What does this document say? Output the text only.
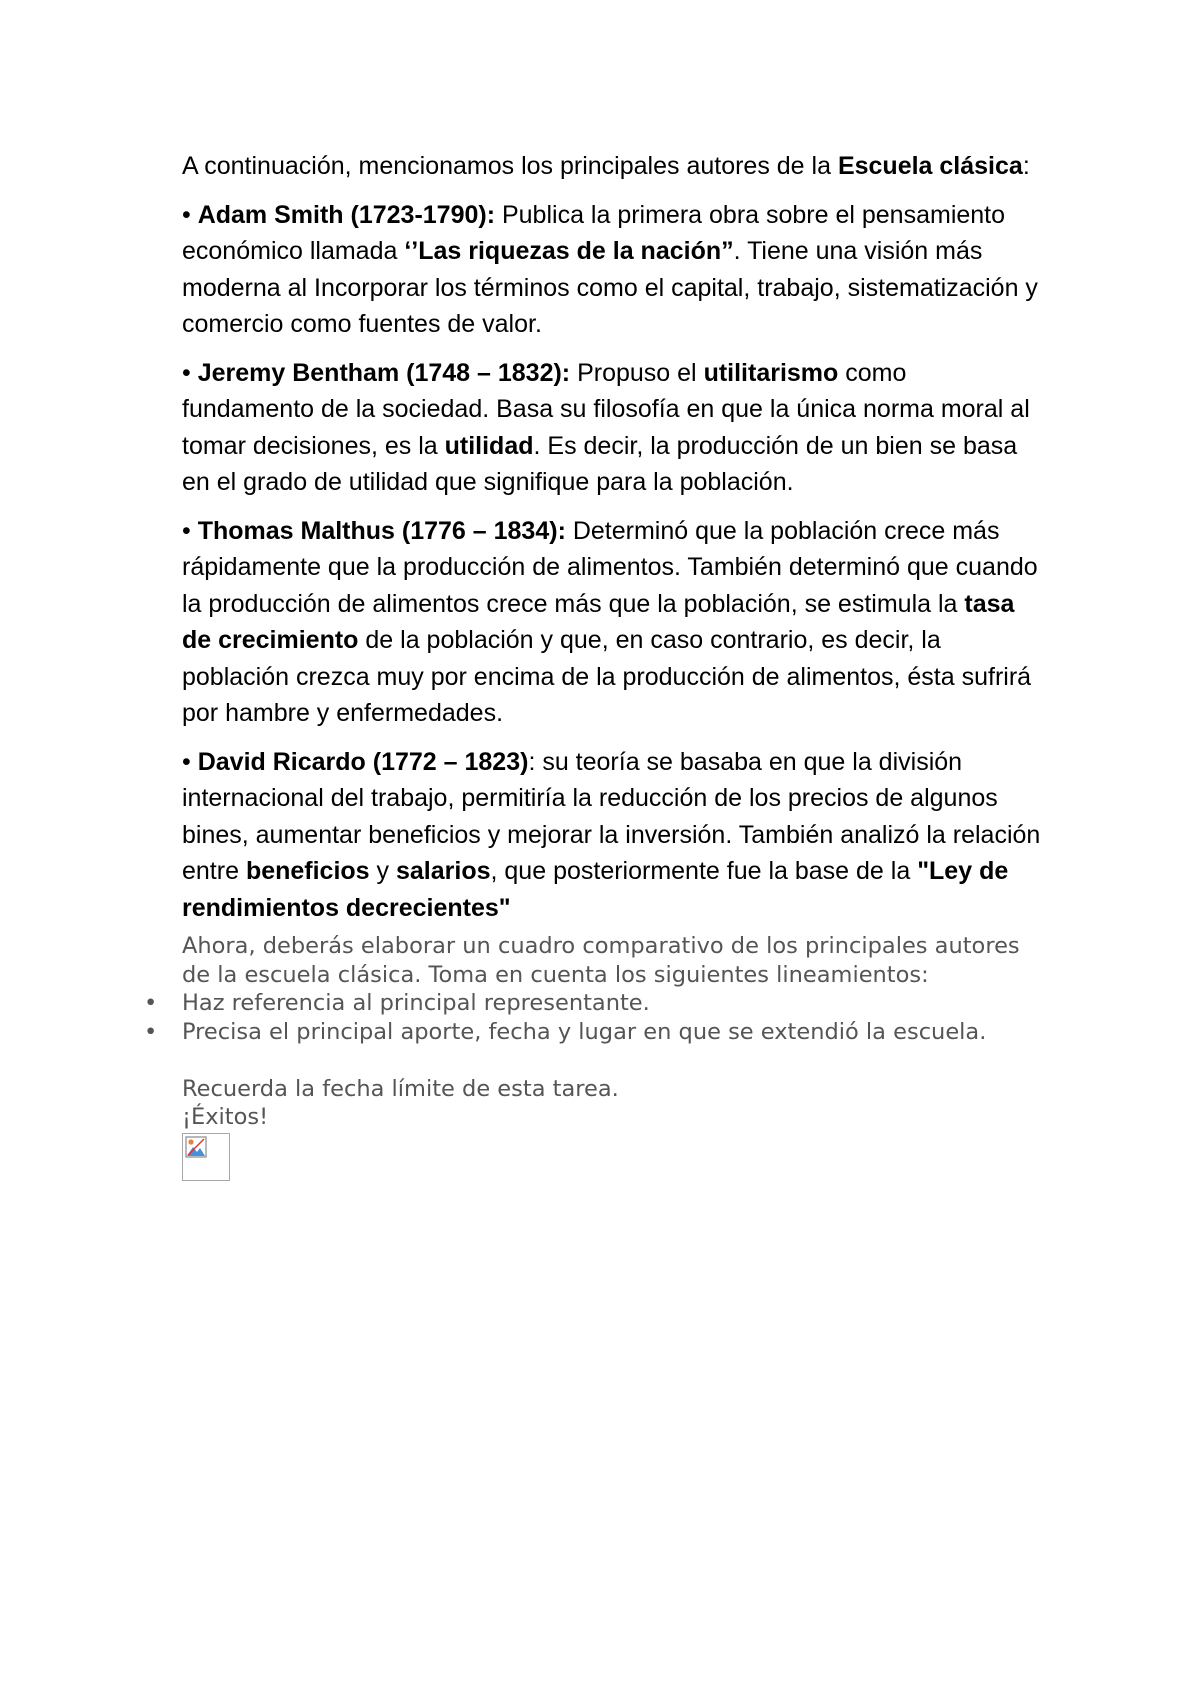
A continuación, mencionamos los principales autores de la Escuela clásica:

• Adam Smith (1723-1790): Publica la primera obra sobre el pensamiento económico llamada ‘’Las riquezas de la nación”. Tiene una visión más moderna al Incorporar los términos como el capital, trabajo, sistematización y comercio como fuentes de valor.

• Jeremy Bentham (1748 – 1832): Propuso el utilitarismo como fundamento de la sociedad. Basa su filosofía en que la única norma moral al tomar decisiones, es la utilidad. Es decir, la producción de un bien se basa en el grado de utilidad que signifique para la población.

• Thomas Malthus (1776 – 1834): Determinó que la población crece más rápidamente que la producción de alimentos. También determinó que cuando la producción de alimentos crece más que la población, se estimula la tasa de crecimiento de la población y que, en caso contrario, es decir, la población crezca muy por encima de la producción de alimentos, ésta sufrirá por hambre y enfermedades.

• David Ricardo (1772 – 1823): su teoría se basaba en que la división internacional del trabajo, permitiría la reducción de los precios de algunos bines, aumentar beneficios y mejorar la inversión. También analizó la relación entre beneficios y salarios, que posteriormente fue la base de la "Ley de rendimientos decrecientes"

Ahora, deberás elaborar un cuadro comparativo de los principales autores de la escuela clásica. Toma en cuenta los siguientes lineamientos:

• Haz referencia al principal representante.
• Precisa el principal aporte, fecha y lugar en que se extendió la escuela.

Recuerda la fecha límite de esta tarea.

¡Éxitos!
